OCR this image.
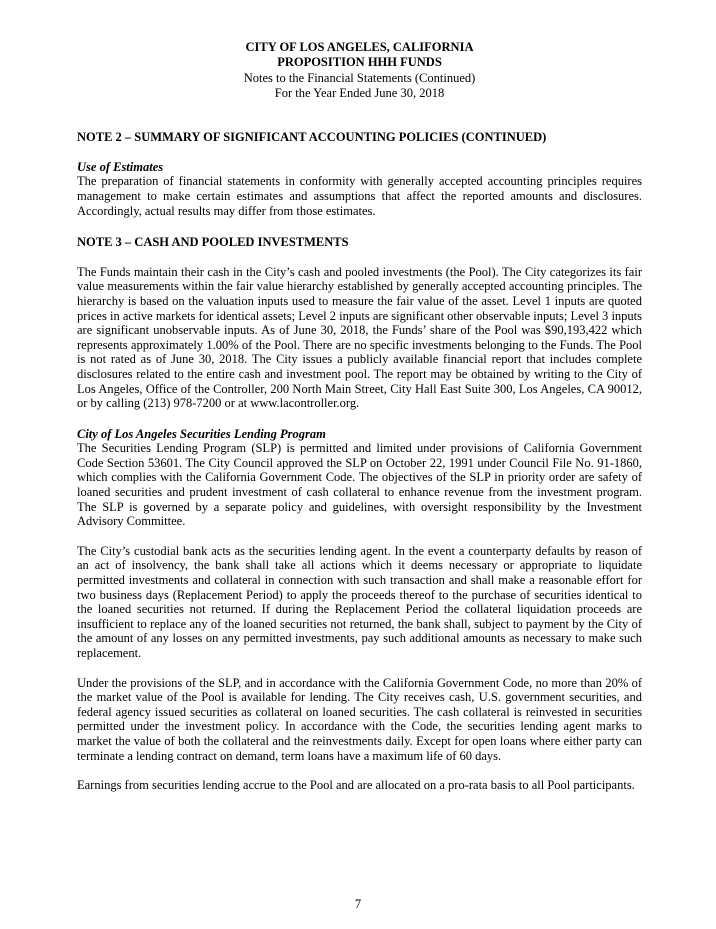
CITY OF LOS ANGELES, CALIFORNIA
PROPOSITION HHH FUNDS
Notes to the Financial Statements (Continued)
For the Year Ended June 30, 2018
NOTE 2 – SUMMARY OF SIGNIFICANT ACCOUNTING POLICIES (CONTINUED)
Use of Estimates

The preparation of financial statements in conformity with generally accepted accounting principles requires management to make certain estimates and assumptions that affect the reported amounts and disclosures. Accordingly, actual results may differ from those estimates.

NOTE 3 – CASH AND POOLED INVESTMENTS

The Funds maintain their cash in the City’s cash and pooled investments (the Pool). The City categorizes its fair value measurements within the fair value hierarchy established by generally accepted accounting principles. The hierarchy is based on the valuation inputs used to measure the fair value of the asset. Level 1 inputs are quoted prices in active markets for identical assets; Level 2 inputs are significant other observable inputs; Level 3 inputs are significant unobservable inputs. As of June 30, 2018, the Funds’ share of the Pool was $90,193,422 which represents approximately 1.00% of the Pool. There are no specific investments belonging to the Funds. The Pool is not rated as of June 30, 2018. The City issues a publicly available financial report that includes complete disclosures related to the entire cash and investment pool. The report may be obtained by writing to the City of Los Angeles, Office of the Controller, 200 North Main Street, City Hall East Suite 300, Los Angeles, CA 90012, or by calling (213) 978-7200 or at www.lacontroller.org.

City of Los Angeles Securities Lending Program

The Securities Lending Program (SLP) is permitted and limited under provisions of California Government Code Section 53601. The City Council approved the SLP on October 22, 1991 under Council File No. 91-1860, which complies with the California Government Code. The objectives of the SLP in priority order are safety of loaned securities and prudent investment of cash collateral to enhance revenue from the investment program. The SLP is governed by a separate policy and guidelines, with oversight responsibility by the Investment Advisory Committee.

The City’s custodial bank acts as the securities lending agent. In the event a counterparty defaults by reason of an act of insolvency, the bank shall take all actions which it deems necessary or appropriate to liquidate permitted investments and collateral in connection with such transaction and shall make a reasonable effort for two business days (Replacement Period) to apply the proceeds thereof to the purchase of securities identical to the loaned securities not returned. If during the Replacement Period the collateral liquidation proceeds are insufficient to replace any of the loaned securities not returned, the bank shall, subject to payment by the City of the amount of any losses on any permitted investments, pay such additional amounts as necessary to make such replacement.

Under the provisions of the SLP, and in accordance with the California Government Code, no more than 20% of the market value of the Pool is available for lending. The City receives cash, U.S. government securities, and federal agency issued securities as collateral on loaned securities. The cash collateral is reinvested in securities permitted under the investment policy. In accordance with the Code, the securities lending agent marks to market the value of both the collateral and the reinvestments daily. Except for open loans where either party can terminate a lending contract on demand, term loans have a maximum life of 60 days.

Earnings from securities lending accrue to the Pool and are allocated on a pro-rata basis to all Pool participants.

7
